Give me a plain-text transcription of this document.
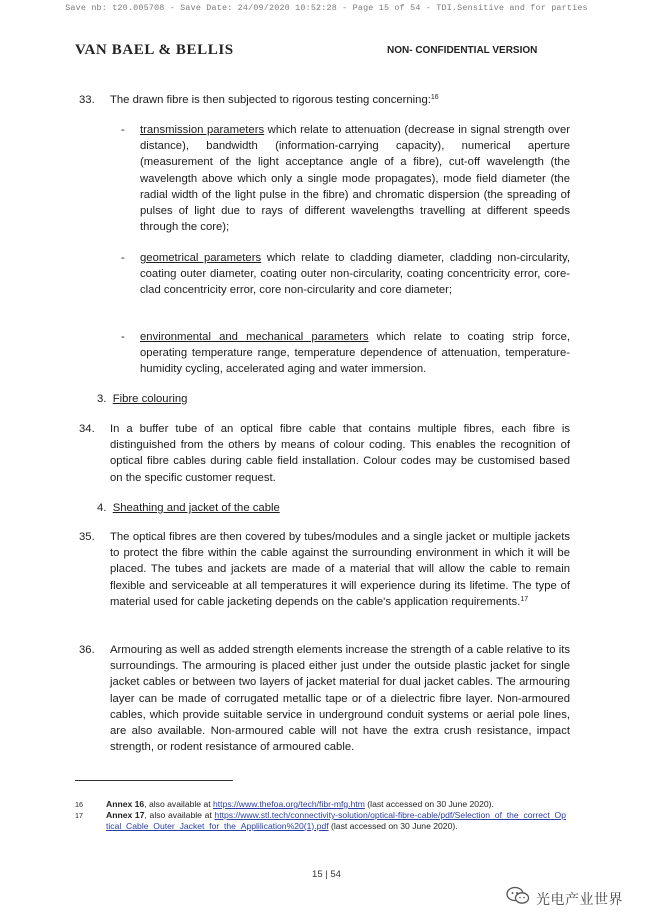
Save nb: t20.005708 - Save Date: 24/09/2020 10:52:28 - Page 15 of 54 - TDI.Sensitive and for parties
VAN BAEL & BELLIS	NON- CONFIDENTIAL VERSION
33. The drawn fibre is then subjected to rigorous testing concerning:$^{16}$
- transmission parameters which relate to attenuation (decrease in signal strength over distance), bandwidth (information-carrying capacity), numerical aperture (measurement of the light acceptance angle of a fibre), cut-off wavelength (the wavelength above which only a single mode propagates), mode field diameter (the radial width of the light pulse in the fibre) and chromatic dispersion (the spreading of pulses of light due to rays of different wavelengths travelling at different speeds through the core);
- geometrical parameters which relate to cladding diameter, cladding non-circularity, coating outer diameter, coating outer non-circularity, coating concentricity error, core-clad concentricity error, core non-circularity and core diameter;
- environmental and mechanical parameters which relate to coating strip force, operating temperature range, temperature dependence of attenuation, temperature-humidity cycling, accelerated aging and water immersion.
3. Fibre colouring
34. In a buffer tube of an optical fibre cable that contains multiple fibres, each fibre is distinguished from the others by means of colour coding. This enables the recognition of optical fibre cables during cable field installation. Colour codes may be customised based on the specific customer request.
4. Sheathing and jacket of the cable
35. The optical fibres are then covered by tubes/modules and a single jacket or multiple jackets to protect the fibre within the cable against the surrounding environment in which it will be placed. The tubes and jackets are made of a material that will allow the cable to remain flexible and serviceable at all temperatures it will experience during its lifetime. The type of material used for cable jacketing depends on the cable's application requirements.$^{17}$
36. Armouring as well as added strength elements increase the strength of a cable relative to its surroundings. The armouring is placed either just under the outside plastic jacket for single jacket cables or between two layers of jacket material for dual jacket cables. The armouring layer can be made of corrugated metallic tape or of a dielectric fibre layer. Non-armoured cables, which provide suitable service in underground conduit systems or aerial pole lines, are also available. Non-armoured cable will not have the extra crush resistance, impact strength, or rodent resistance of armoured cable.
16	Annex 16, also available at https://www.thefoa.org/tech/fibr-mfg.htm (last accessed on 30 June 2020).
17	Annex 17, also available at https://www.stl.tech/connectivity-solution/optical-fibre-cable/pdf/Selection_of_the_correct_Optical_Cable_Outer_Jacket_for_the_Applilication%20(1).pdf (last accessed on 30 June 2020).
15 | 54
光电产业世界
